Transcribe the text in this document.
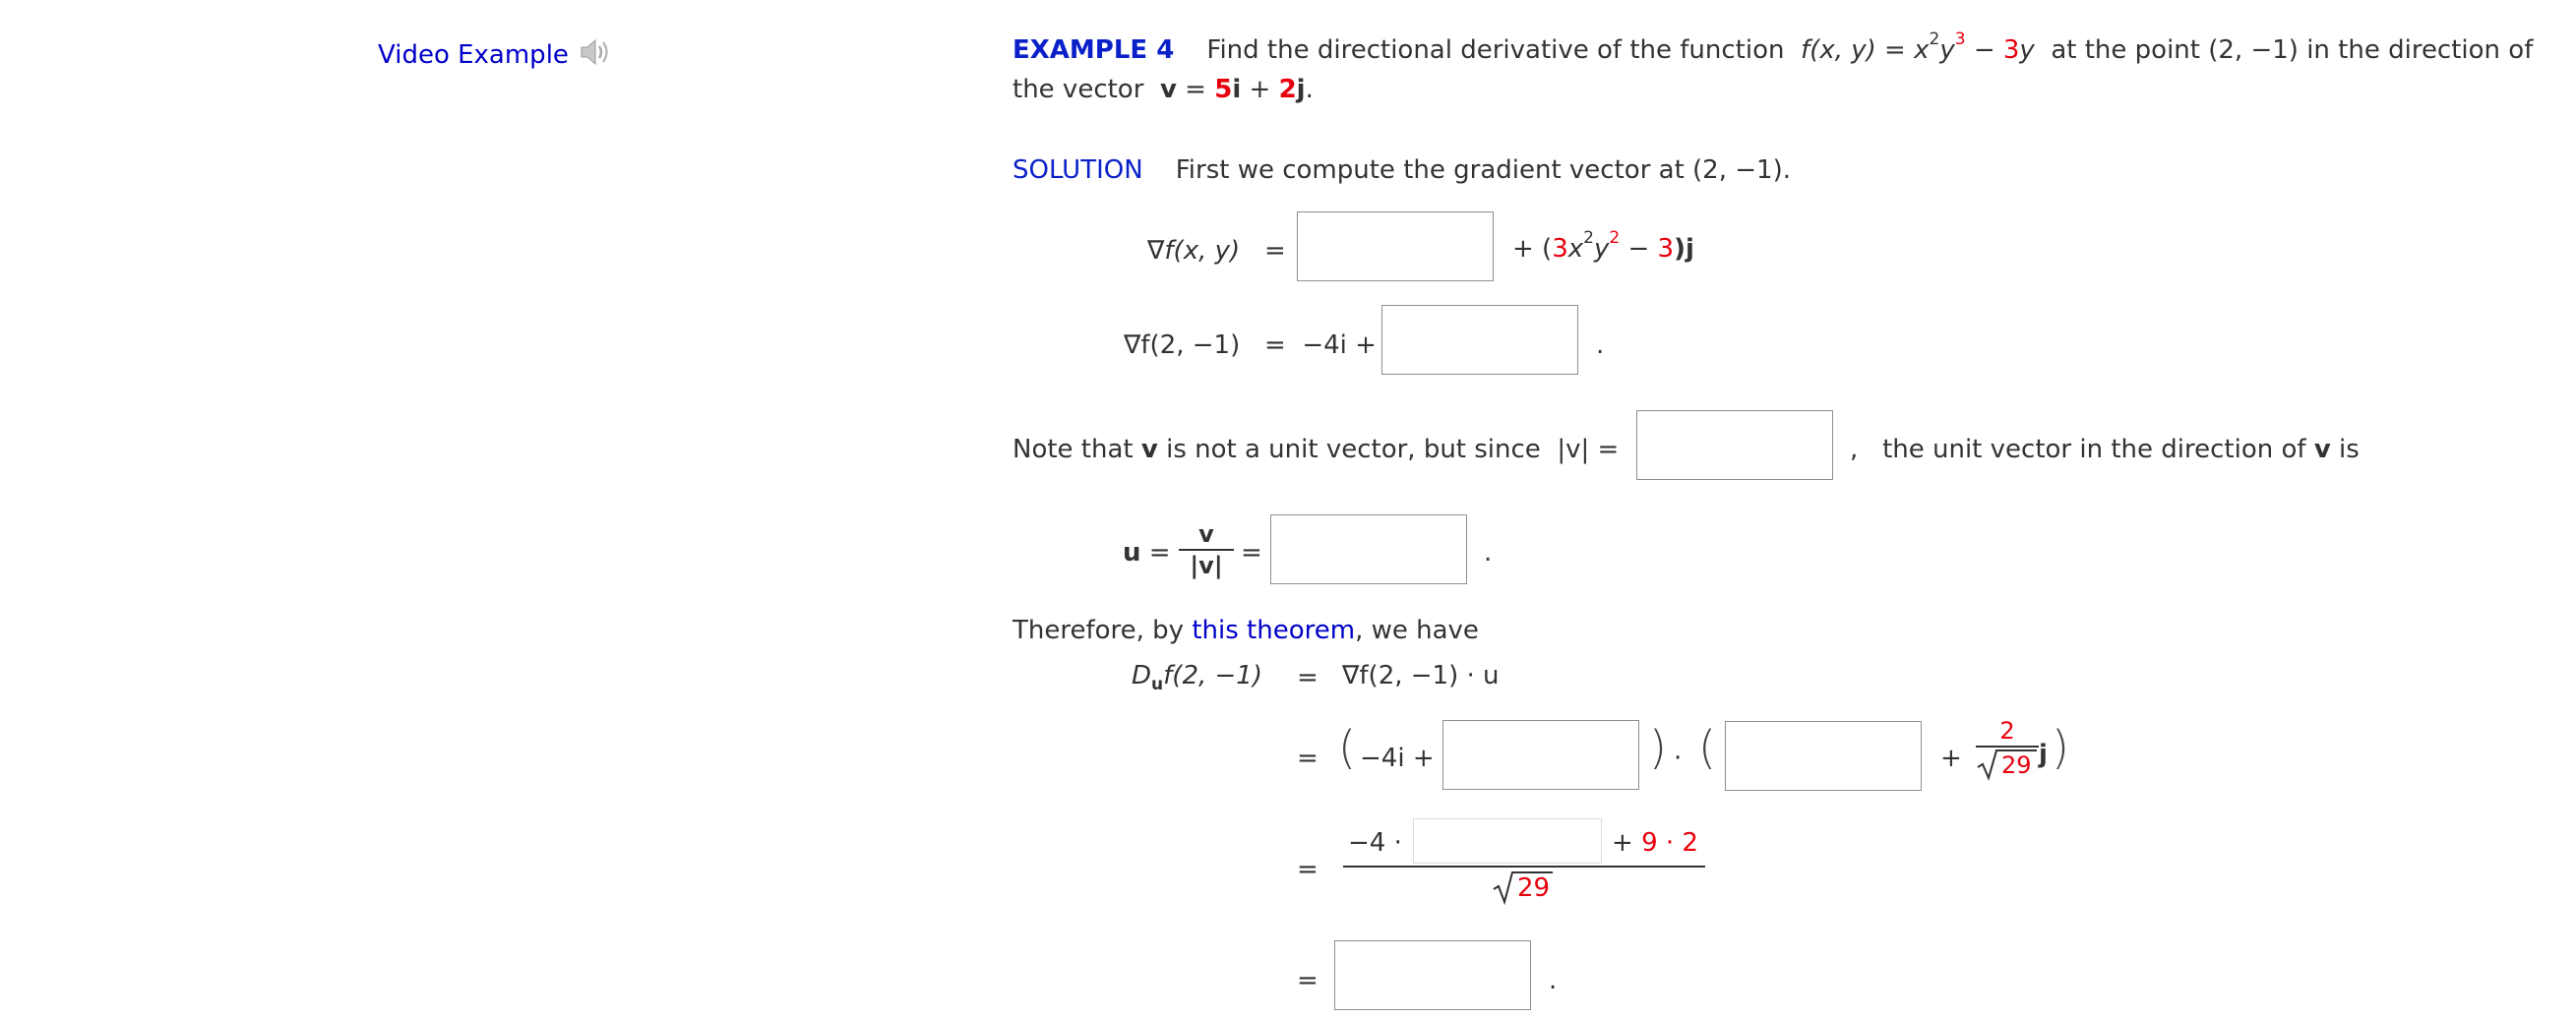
Video Example	EXAMPLE 4 Find the directional derivative of the function f(x, $y) = x^2y^3 - 3y$ at the point (2, −1) in the direction of
the vector v = 5i + 2j.
SOLUTION First we compute the gradient vector at (2, −1).
∇f(x, y) =	+ $(3x^2y^2 - 3)j$
∇f(2, −1) = −4i +	.
Note that v is not a unit vector, but since |v| =	, the unit vector in the direction of v is
u =
v
|v| =	.
Therefore, by this theorem, we have
$D_uf(2$, −1) = ∇f(2, −1) · u
= ( −4i +	) · (	+
2
29 j )
=
−4 ·	+ 9 · 2
29
=	.
